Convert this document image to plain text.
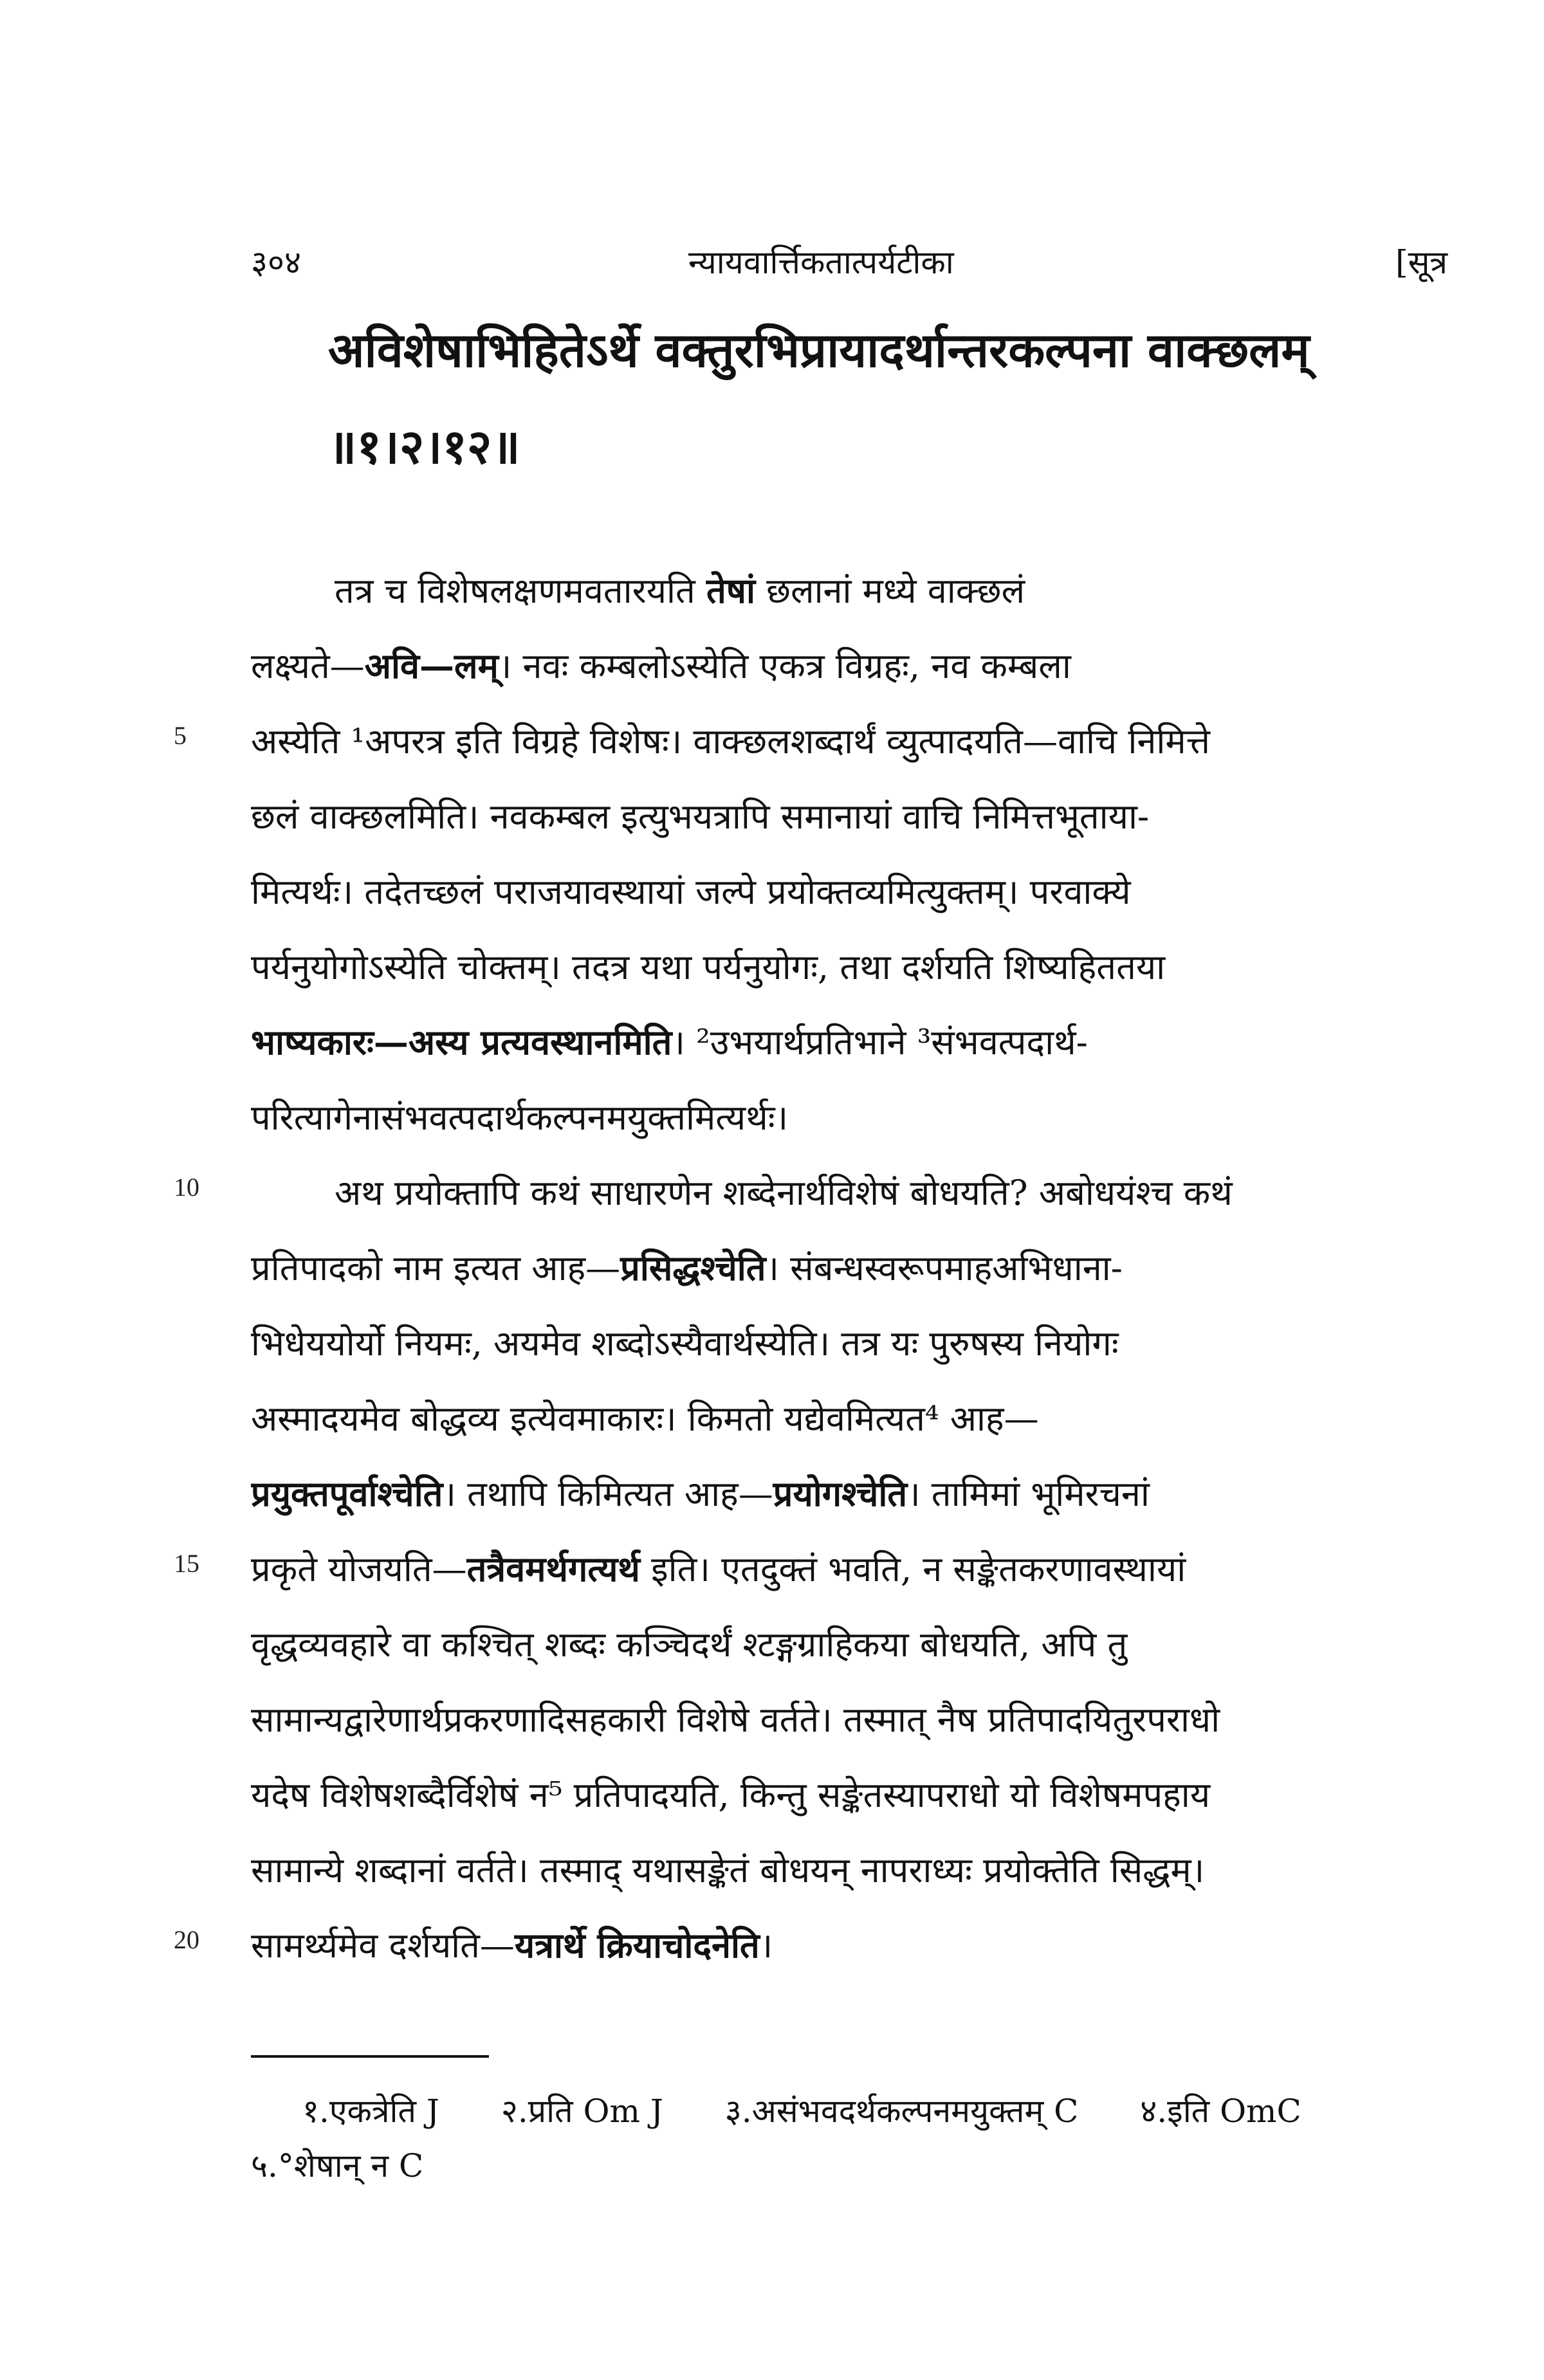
३०४	न्यायवार्त्तिकतात्पर्यटीका	[सूत्र
अविशेषाभिहितेऽर्थे वक्तुरभिप्रायादर्थान्तरकल्पना वाक्छलम्
॥१।२।१२॥
तत्र च विशेषलक्षणमवतारयति तेषां छलानां मध्ये वाक्छलं
लक्ष्यते—अवि—लम्। नवः कम्बलोऽस्येति एकत्र विग्रहः, नव कम्बला
अस्येति ¹अपरत्र इति विग्रहे विशेषः। वाक्छलशब्दार्थं व्युत्पादयति—वाचि निमित्ते
छलं वाक्छलमिति। नवकम्बल इत्युभयत्रापि समानायां वाचि निमित्तभूताया-
मित्यर्थः। तदेतच्छलं पराजयावस्थायां जल्पे प्रयोक्तव्यमित्युक्तम्। परवाक्ये
पर्यनुयोगोऽस्येति चोक्तम्। तदत्र यथा पर्यनुयोगः, तथा दर्शयति शिष्यहिततया
भाष्यकारः—अस्य प्रत्यवस्थानमिति। ²उभयार्थप्रतिभाने ³संभवत्पदार्थ-
परित्यागेनासंभवत्पदार्थकल्पनमयुक्तमित्यर्थः।
अथ प्रयोक्तापि कथं साधारणेन शब्देनार्थविशेषं बोधयति? अबोधयंश्च कथं
प्रतिपादको नाम इत्यत आह—प्रसिद्धश्चेति। संबन्धस्वरूपमाहअभिधाना-
भिधेययोर्यो नियमः, अयमेव शब्दोऽस्यैवार्थस्येति। तत्र यः पुरुषस्य नियोगः
अस्मादयमेव बोद्धव्य इत्येवमाकारः। किमतो यद्येवमित्यत⁴ आह—
प्रयुक्तपूर्वाश्चेति। तथापि किमित्यत आह—प्रयोगश्चेति। तामिमां भूमिरचनां
प्रकृते योजयति—तत्रैवमर्थगत्यर्थ इति। एतदुक्तं भवति, न सङ्केतकरणावस्थायां
वृद्धव्यवहारे वा कश्चित् शब्दः कञ्चिदर्थं श्टङ्गग्राहिकया बोधयति, अपि तु
सामान्यद्वारेणार्थप्रकरणादिसहकारी विशेषे वर्तते। तस्मात् नैष प्रतिपादयितुरपराधो
यदेष विशेषशब्दैर्विशेषं न⁵ प्रतिपादयति, किन्तु सङ्केतस्यापराधो यो विशेषमपहाय
सामान्ये शब्दानां वर्तते। तस्माद् यथासङ्केतं बोधयन् नापराध्यः प्रयोक्तेति सिद्धम्।
सामर्थ्यमेव दर्शयति—यत्रार्थे क्रियाचोदनेति।
5
10
15
20
१.एकत्रेति J २.प्रति Om J ३.असंभवदर्थकल्पनमयुक्तम् C ४.इति OmC
५.°शेषान् न C
